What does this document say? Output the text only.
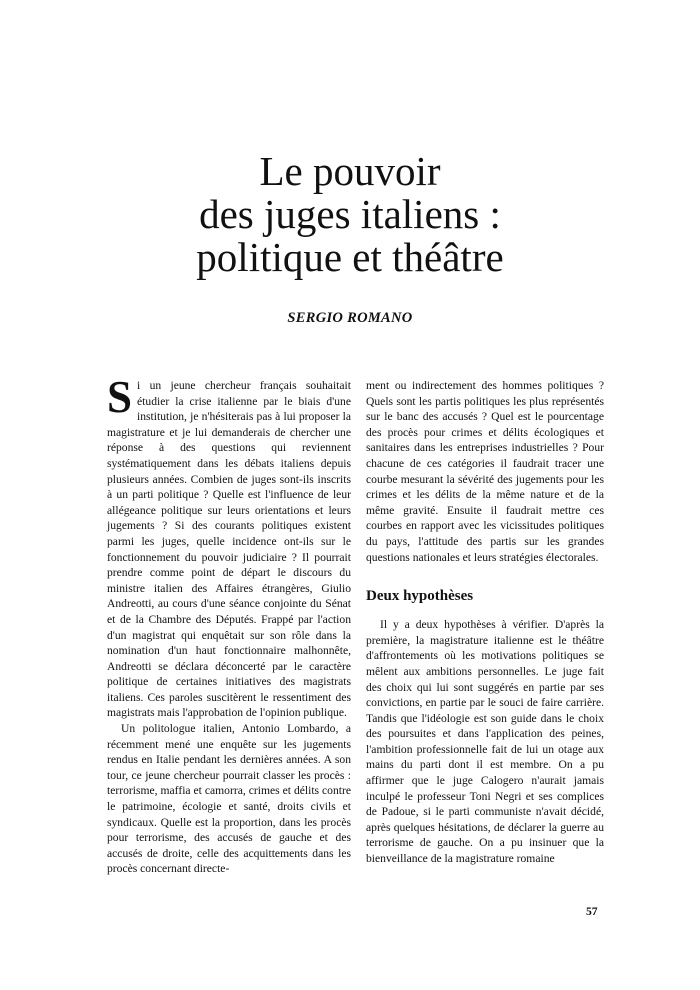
Le pouvoir
des juges italiens :
politique et théâtre
SERGIO ROMANO

Si un jeune chercheur français souhaitait étudier la crise italienne par le biais d'une institution, je n'hésiterais pas à lui proposer la magistrature et je lui demanderais de chercher une réponse à des questions qui reviennent systématiquement dans les débats italiens depuis plusieurs années. Combien de juges sont-ils inscrits à un parti politique ? Quelle est l'influence de leur allégeance politique sur leurs orientations et leurs jugements ? Si des courants politiques existent parmi les juges, quelle incidence ont-ils sur le fonctionnement du pouvoir judiciaire ? Il pourrait prendre comme point de départ le discours du ministre italien des Affaires étrangères, Giulio Andreotti, au cours d'une séance conjointe du Sénat et de la Chambre des Députés. Frappé par l'action d'un magistrat qui enquêtait sur son rôle dans la nomination d'un haut fonctionnaire malhonnête, Andreotti se déclara déconcerté par le caractère politique de certaines initiatives des magistrats italiens. Ces paroles suscitèrent le ressentiment des magistrats mais l'approbation de l'opinion publique.

Un politologue italien, Antonio Lombardo, a récemment mené une enquête sur les jugements rendus en Italie pendant les dernières années. A son tour, ce jeune chercheur pourrait classer les procès : terrorisme, maffia et camorra, crimes et délits contre le patrimoine, écologie et santé, droits civils et syndicaux. Quelle est la proportion, dans les procès pour terrorisme, des accusés de gauche et des accusés de droite, celle des acquittements dans les procès concernant directe-

ment ou indirectement des hommes politiques ? Quels sont les partis politiques les plus représentés sur le banc des accusés ? Quel est le pourcentage des procès pour crimes et délits écologiques et sanitaires dans les entreprises industrielles ? Pour chacune de ces catégories il faudrait tracer une courbe mesurant la sévérité des jugements pour les crimes et les délits de la même nature et de la même gravité. Ensuite il faudrait mettre ces courbes en rapport avec les vicissitudes politiques du pays, l'attitude des partis sur les grandes questions nationales et leurs stratégies électorales.

Deux hypothèses

Il y a deux hypothèses à vérifier. D'après la première, la magistrature italienne est le théâtre d'affrontements où les motivations politiques se mêlent aux ambitions personnelles. Le juge fait des choix qui lui sont suggérés en partie par ses convictions, en partie par le souci de faire carrière. Tandis que l'idéologie est son guide dans le choix des poursuites et dans l'application des peines, l'ambition professionnelle fait de lui un otage aux mains du parti dont il est membre. On a pu affirmer que le juge Calogero n'aurait jamais inculpé le professeur Toni Negri et ses complices de Padoue, si le parti communiste n'avait décidé, après quelques hésitations, de déclarer la guerre au terrorisme de gauche. On a pu insinuer que la bienveillance de la magistrature romaine

57
